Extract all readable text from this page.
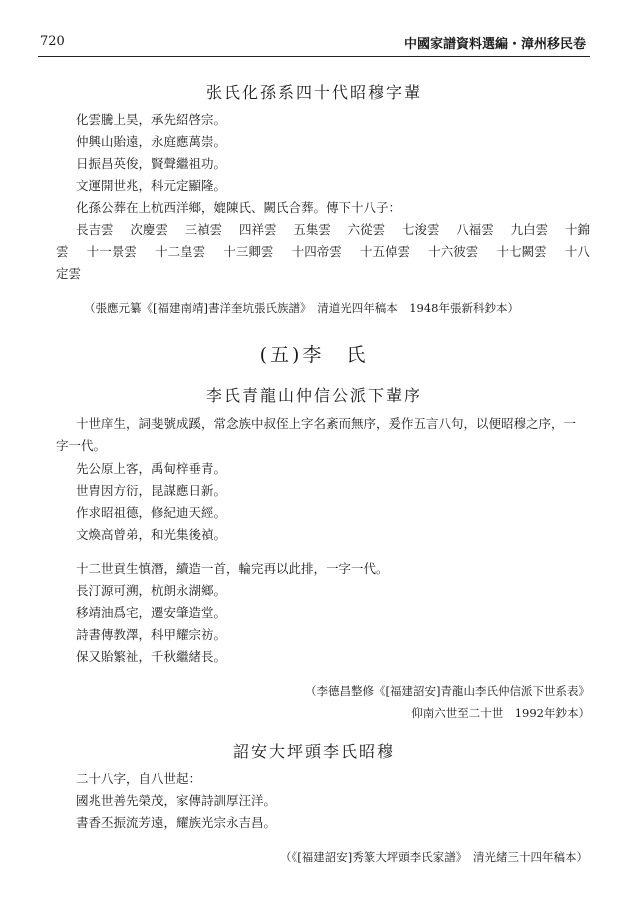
720	中國家譜資料選編・漳州移民卷
张氏化孫系四十代昭穆字輩
化雲騰上昊，承先紹啓宗。
仲興山貽遠，永庭應萬崇。
日振昌英俊，賢聲繼祖功。
文運開世兆，科元定顯隆。
化孫公葬在上杭西洋鄉，媲陳氏、闕氏合葬。傳下十八子：
長吉雲 次慶雲 三禎雲 四祥雲 五集雲 六從雲 七浚雲 八福雲 九白雲 十錦
雲 十一景雲 十二皇雲 十三卿雲 十四帝雲 十五倬雲 十六彼雲 十七闕雲 十八
定雲
（張應元纂《[福建南靖]書洋奎坑張氏族譜》　清道光四年稿本　1948年張新科鈔本）
(五)李　氏
李氏青龍山仲信公派下輩序
十世庠生，詞斐號成蹊，常念族中叔侄上字名紊而無序，爰作五言八句，以便昭穆之序，一
字一代。
先公原上客，禹甸梓垂青。
世胄因方衍，昆謀應日新。
作求昭祖德，修紀迪天經。
文煥高曾弟，和光集後禎。
十二世貢生慎潛，續造一首，輪完再以此排，一字一代。
長汀源可溯，杭朗永湖鄉。
移靖油爲宅，遷安肇造堂。
詩書傳教澤，科甲耀宗祊。
保又貽繁祉，千秋繼緒長。
（李德昌整修《[福建詔安]青龍山李氏仲信派下世系表》
仰南六世至二十世　1992年鈔本）
詔安大坪頭李氏昭穆
二十八字，自八世起：
國兆世善先榮茂，家傳詩訓厚汪洋。
書香丕振流芳遠，耀族光宗永吉昌。
（《[福建詔安]秀篆大坪頭李氏家譜》　清光緒三十四年稿本）
